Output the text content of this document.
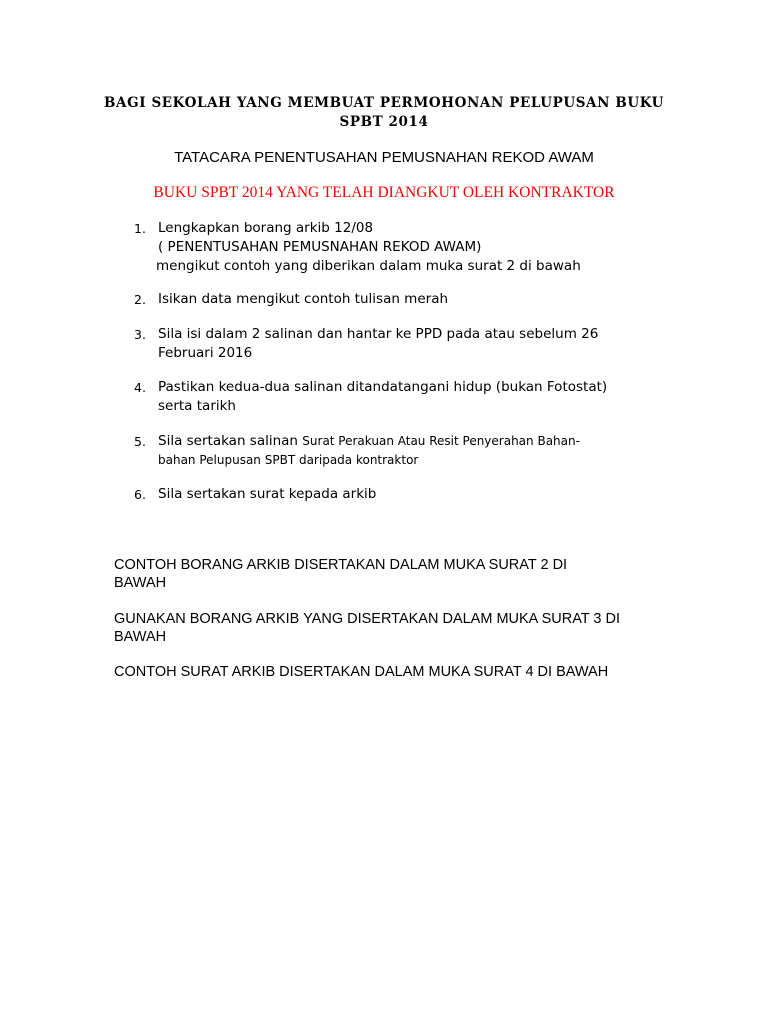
BAGI SEKOLAH YANG MEMBUAT PERMOHONAN PELUPUSAN BUKU
SPBT 2014
TATACARA PENENTUSAHAN PEMUSNAHAN REKOD AWAM
BUKU SPBT 2014 YANG TELAH DIANGKUT OLEH KONTRAKTOR
1. Lengkapkan borang arkib 12/08
( PENENTUSAHAN PEMUSNAHAN REKOD AWAM)
mengikut contoh yang diberikan dalam muka surat 2 di bawah
2. Isikan data mengikut contoh tulisan merah
3. Sila isi dalam 2 salinan dan hantar ke PPD pada atau sebelum 26
Februari 2016
4. Pastikan kedua-dua salinan ditandatangani hidup (bukan Fotostat)
serta tarikh
5. Sila sertakan salinan Surat Perakuan Atau Resit Penyerahan Bahan-
bahan Pelupusan SPBT daripada kontraktor
6. Sila sertakan surat kepada arkib
CONTOH BORANG ARKIB DISERTAKAN DALAM MUKA SURAT 2 DI
BAWAH
GUNAKAN BORANG ARKIB YANG DISERTAKAN DALAM MUKA SURAT 3 DI
BAWAH
CONTOH SURAT ARKIB DISERTAKAN DALAM MUKA SURAT 4 DI BAWAH
